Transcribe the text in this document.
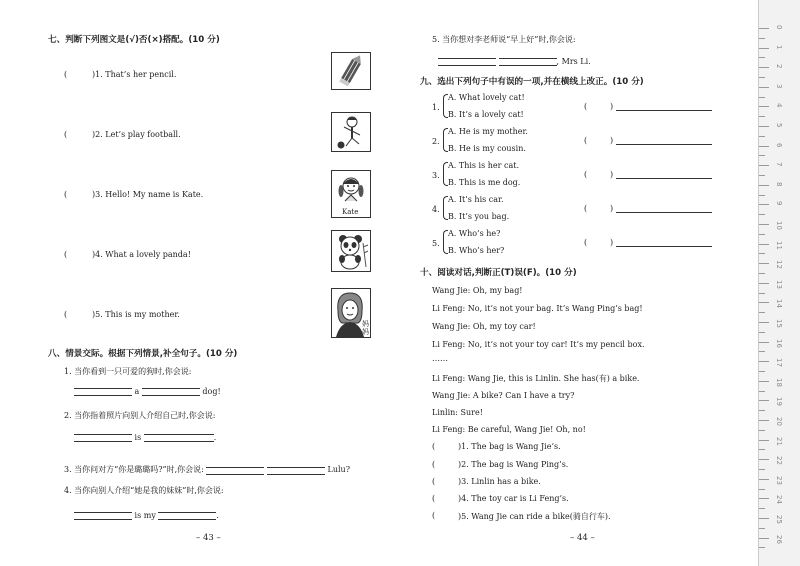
七、判断下列图文是(√)否(×)搭配。(10 分)
(	)1. That’s her pencil.
(	)2. Let’s play football.
(	)3. Hello! My name is Kate.
Kate
(	)4. What a lovely panda!
(	)5. This is my mother.
妈妈
八、情景交际。根据下列情景,补全句子。(10 分)
1. 当你看到一只可爱的狗时,你会说:
a	dog!
2. 当你指着照片向别人介绍自己时,你会说:
is	.
3. 当你问对方“你是璐璐吗?”时,你会说:
	Lulu?
4. 当你向别人介绍“她是我的妹妹”时,你会说:
is my	.
– 43 –
5. 当你想对李老师说“早上好”时,你会说:

, Mrs Li.
九、选出下列句子中有误的一项,并在横线上改正。(10 分)
1.
A. What lovely cat!
B. It’s a lovely cat!
(	)
2.
A. He is my mother.
B. He is my cousin.
(	)
3.
A. This is her cat.
B. This is me dog.
(	)
4.
A. It’s his car.
B. It’s you bag.
(	)
5.
A. Who’s he?
B. Who’s her?
(	)
十、阅读对话,判断正(T)误(F)。(10 分)
Wang Jie: Oh, my bag!
Li Feng: No, it’s not your bag. It’s Wang Ping’s bag!
Wang Jie: Oh, my toy car!
Li Feng: No, it’s not your toy car! It’s my pencil box.
……
Li Feng: Wang Jie, this is Linlin. She has(有) a bike.
Wang Jie: A bike? Can I have a try?
Linlin: Sure!
Li Feng: Be careful, Wang Jie! Oh, no!
(	)1. The bag is Wang Jie’s.
(	)2. The bag is Wang Ping’s.
(	)3. Linlin has a bike.
(	)4. The toy car is Li Feng’s.
(	)5. Wang Jie can ride a bike(骑自行车).
– 44 –
0
1
2
3
4
5
6
7
8
9
10
11
12
13
14
15
16
17
18
19
20
21
22
23
24
25
26
